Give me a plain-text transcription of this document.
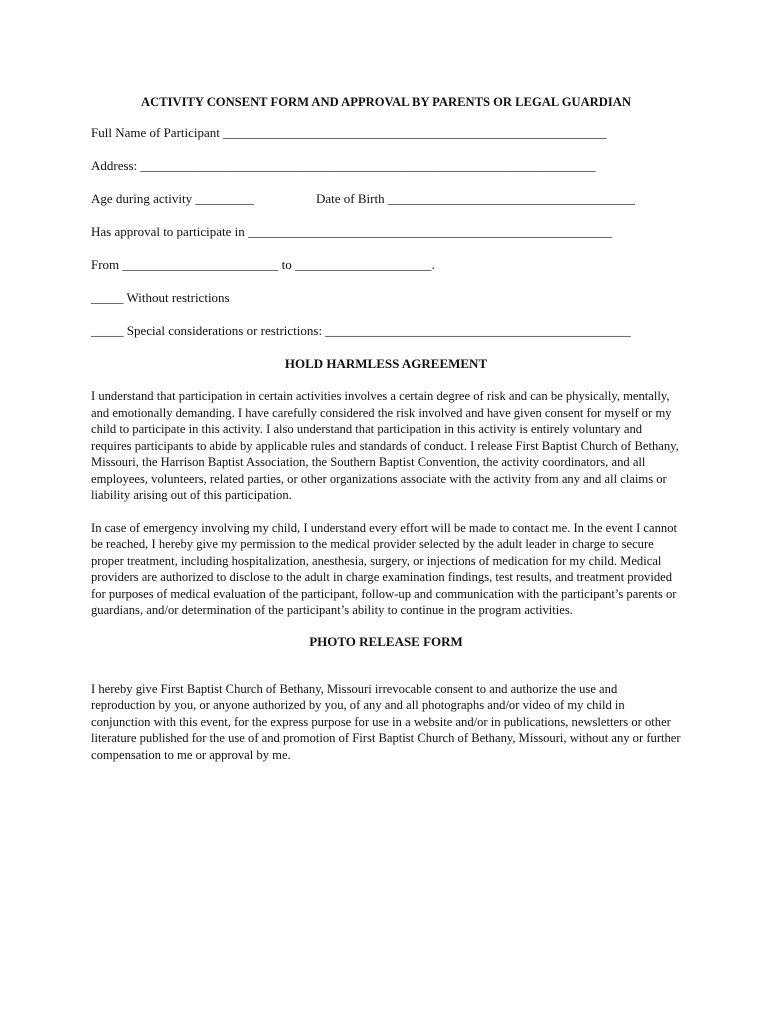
ACTIVITY CONSENT FORM AND APPROVAL BY PARENTS OR LEGAL GUARDIAN
Full Name of Participant ___________________________________________________________
Address: ______________________________________________________________________
Age during activity _________	Date of Birth ______________________________________
Has approval to participate in ________________________________________________________
From ________________________ to _____________________.
_____ Without restrictions
_____ Special considerations or restrictions: _______________________________________________
HOLD HARMLESS AGREEMENT

I understand that participation in certain activities involves a certain degree of risk and can be physically, mentally, and emotionally demanding. I have carefully considered the risk involved and have given consent for myself or my child to participate in this activity. I also understand that participation in this activity is entirely voluntary and requires participants to abide by applicable rules and standards of conduct. I release First Baptist Church of Bethany, Missouri, the Harrison Baptist Association, the Southern Baptist Convention, the activity coordinators, and all employees, volunteers, related parties, or other organizations associate with the activity from any and all claims or liability arising out of this participation.

In case of emergency involving my child, I understand every effort will be made to contact me. In the event I cannot be reached, I hereby give my permission to the medical provider selected by the adult leader in charge to secure proper treatment, including hospitalization, anesthesia, surgery, or injections of medication for my child. Medical providers are authorized to disclose to the adult in charge examination findings, test results, and treatment provided for purposes of medical evaluation of the participant, follow-up and communication with the participant’s parents or guardians, and/or determination of the participant’s ability to continue in the program activities.

PHOTO RELEASE FORM

I hereby give First Baptist Church of Bethany, Missouri irrevocable consent to and authorize the use and reproduction by you, or anyone authorized by you, of any and all photographs and/or video of my child in conjunction with this event, for the express purpose for use in a website and/or in publications, newsletters or other literature published for the use of and promotion of First Baptist Church of Bethany, Missouri, without any or further compensation to me or approval by me.
